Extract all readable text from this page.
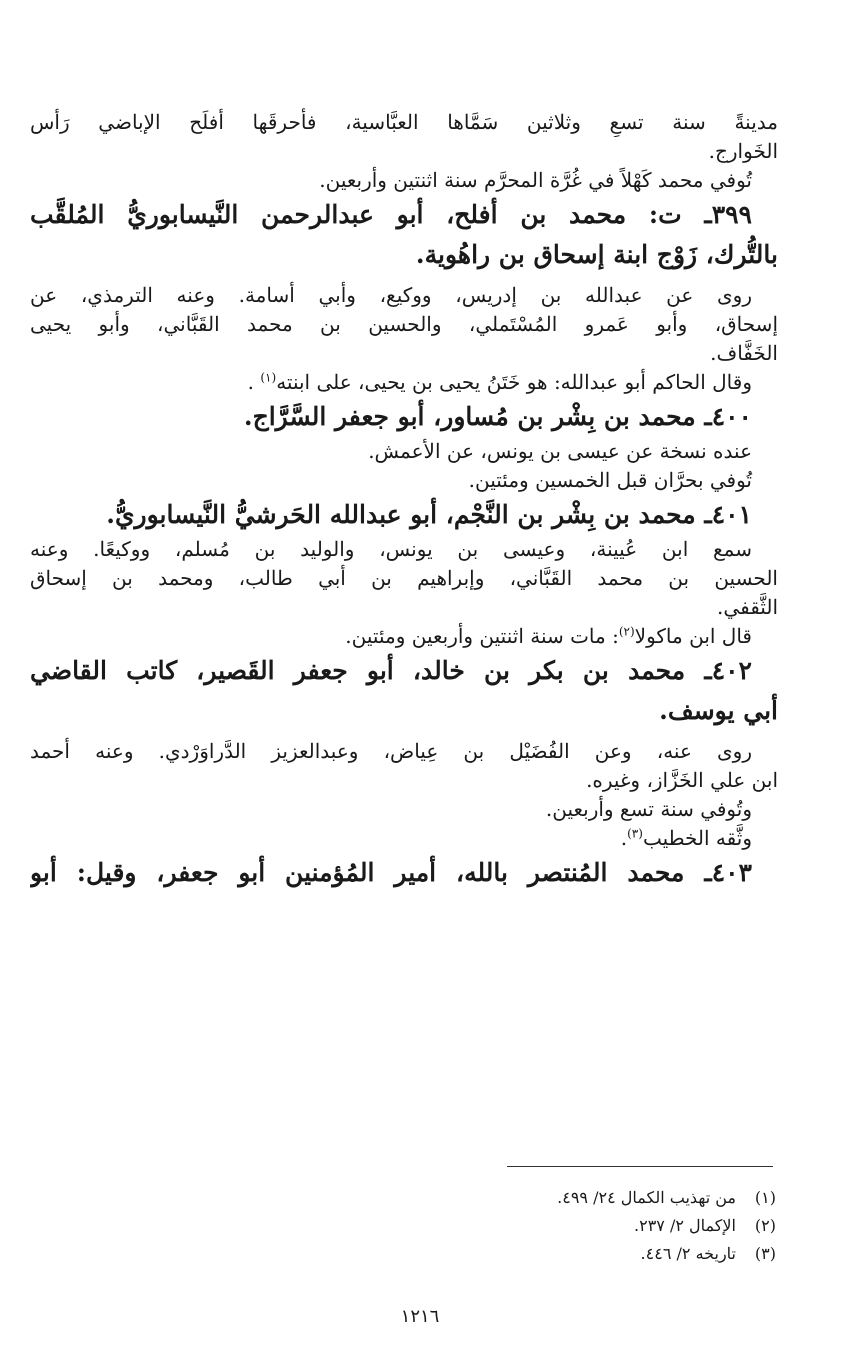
مدينةً سنة تسعٍ وثلاثين سَمَّاها العبَّاسية، فأحرقَها أفلَح الإباضي رَأس
الخَوارج.
تُوفي محمد كَهْلاً في غُرَّة المحرَّم سنة اثنتين وأربعين.
٣٩٩ـ ت: محمد بن أفلح، أبو عبدالرحمن النَّيسابوريُّ المُلقَّب
بالتُّرك، زَوْج ابنة إسحاق بن راهُوية.
روى عن عبدالله بن إدريس، ووكيع، وأبي أسامة. وعنه الترمذي، عن
إسحاق، وأبو عَمرو المُسْتَملي، والحسين بن محمد القَبَّاني، وأبو يحيى
الخَفَّاف.
وقال الحاكم أبو عبدالله: هو خَتَنُ يحيى بن يحيى، على ابنته$^{(١)}$ .
٤٠٠ـ محمد بن بِشْر بن مُساور، أبو جعفر السَّرَّاج.
عنده نسخة عن عيسى بن يونس، عن الأعمش.
تُوفي بحرَّان قبل الخمسين ومئتين.
٤٠١ـ محمد بن بِشْر بن النَّجْم، أبو عبدالله الحَرشيُّ النَّيسابوريُّ.
سمع ابن عُيينة، وعيسى بن يونس، والوليد بن مُسلم، ووكيعًا. وعنه
الحسين بن محمد القَبَّاني، وإبراهيم بن أبي طالب، ومحمد بن إسحاق
الثَّقفي.
قال ابن ماكولا$^{(٢)}$: مات سنة اثنتين وأربعين ومئتين.
٤٠٢ـ محمد بن بكر بن خالد، أبو جعفر القَصير، كاتب القاضي
أبي يوسف.
روى عنه، وعن الفُضَيْل بن عِياض، وعبدالعزيز الدَّراوَرْدي. وعنه أحمد
ابن علي الخَزَّاز، وغيره.
وتُوفي سنة تسع وأربعين.
وثَّقه الخطيب$^{(٣)}$.
٤٠٣ـ محمد المُنتصر بالله، أمير المُؤمنين أبو جعفر، وقيل: أبو
(١)من تهذيب الكمال ٢٤/ ٤٩٩.
(٢)الإكمال ٢/ ٢٣٧.
(٣)تاريخه ٢/ ٤٤٦.
١٢١٦
